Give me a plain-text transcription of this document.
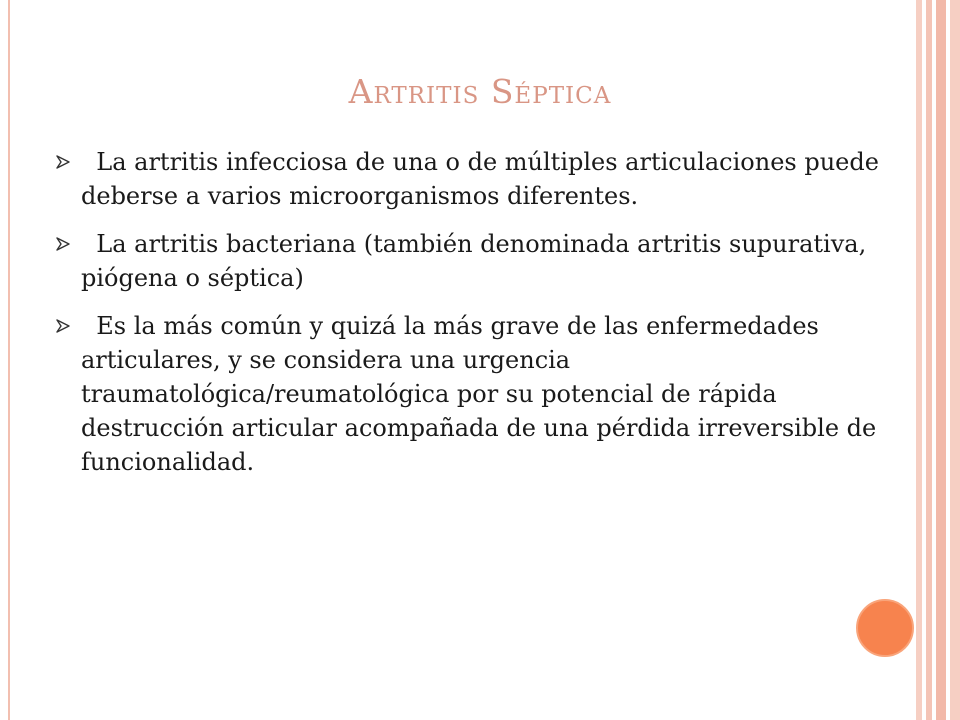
Artritis Séptica
La artritis infecciosa de una o de múltiples articulaciones puede deberse a varios microorganismos diferentes.
La artritis bacteriana (también denominada artritis supurativa, piógena o séptica)
Es la más común y quizá la más grave de las enfermedades articulares, y se considera una urgencia traumatológica/reumatológica por su potencial de rápida destrucción articular acompañada de una pérdida irreversible de funcionalidad.
